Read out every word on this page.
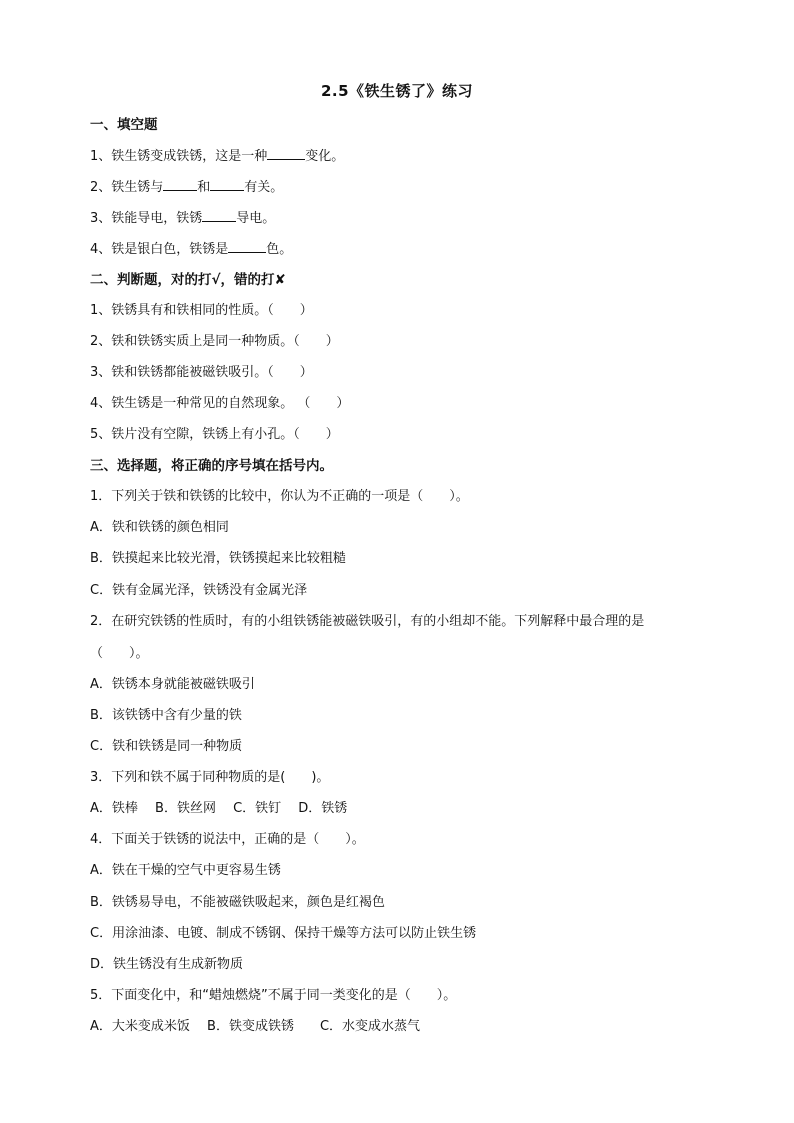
2.5《铁生锈了》练习
一、填空题
1、铁生锈变成铁锈，这是一种	变化。
2、铁生锈与	和	有关。
3、铁能导电，铁锈	导电。
4、铁是银白色，铁锈是	色。
二、判断题，对的打√，错的打✘
1、铁锈具有和铁相同的性质。（　　）
2、铁和铁锈实质上是同一种物质。（　　）
3、铁和铁锈都能被磁铁吸引。（　　）
4、铁生锈是一种常见的自然现象。 （　　）
5、铁片没有空隙，铁锈上有小孔。（　　）
三、选择题，将正确的序号填在括号内。
1．下列关于铁和铁锈的比较中，你认为不正确的一项是（　　）。
A．铁和铁锈的颜色相同
B．铁摸起来比较光滑，铁锈摸起来比较粗糙
C．铁有金属光泽，铁锈没有金属光泽
2．在研究铁锈的性质时，有的小组铁锈能被磁铁吸引，有的小组却不能。下列解释中最合理的是
（　　）。
A．铁锈本身就能被磁铁吸引
B．该铁锈中含有少量的铁
C．铁和铁锈是同一种物质
3．下列和铁不属于同种物质的是(　　)。
A．铁棒　 B．铁丝网　 C．铁钉　 D．铁锈
4．下面关于铁锈的说法中，正确的是（　　）。
A．铁在干燥的空气中更容易生锈
B．铁锈易导电，不能被磁铁吸起来，颜色是红褐色
C．用涂油漆、电镀、制成不锈钢、保持干燥等方法可以防止铁生锈
D．铁生锈没有生成新物质
5．下面变化中，和“蜡烛燃烧”不属于同一类变化的是（　　）。
A．大米变成米饭　 B．铁变成铁锈　　C．水变成水蒸气
